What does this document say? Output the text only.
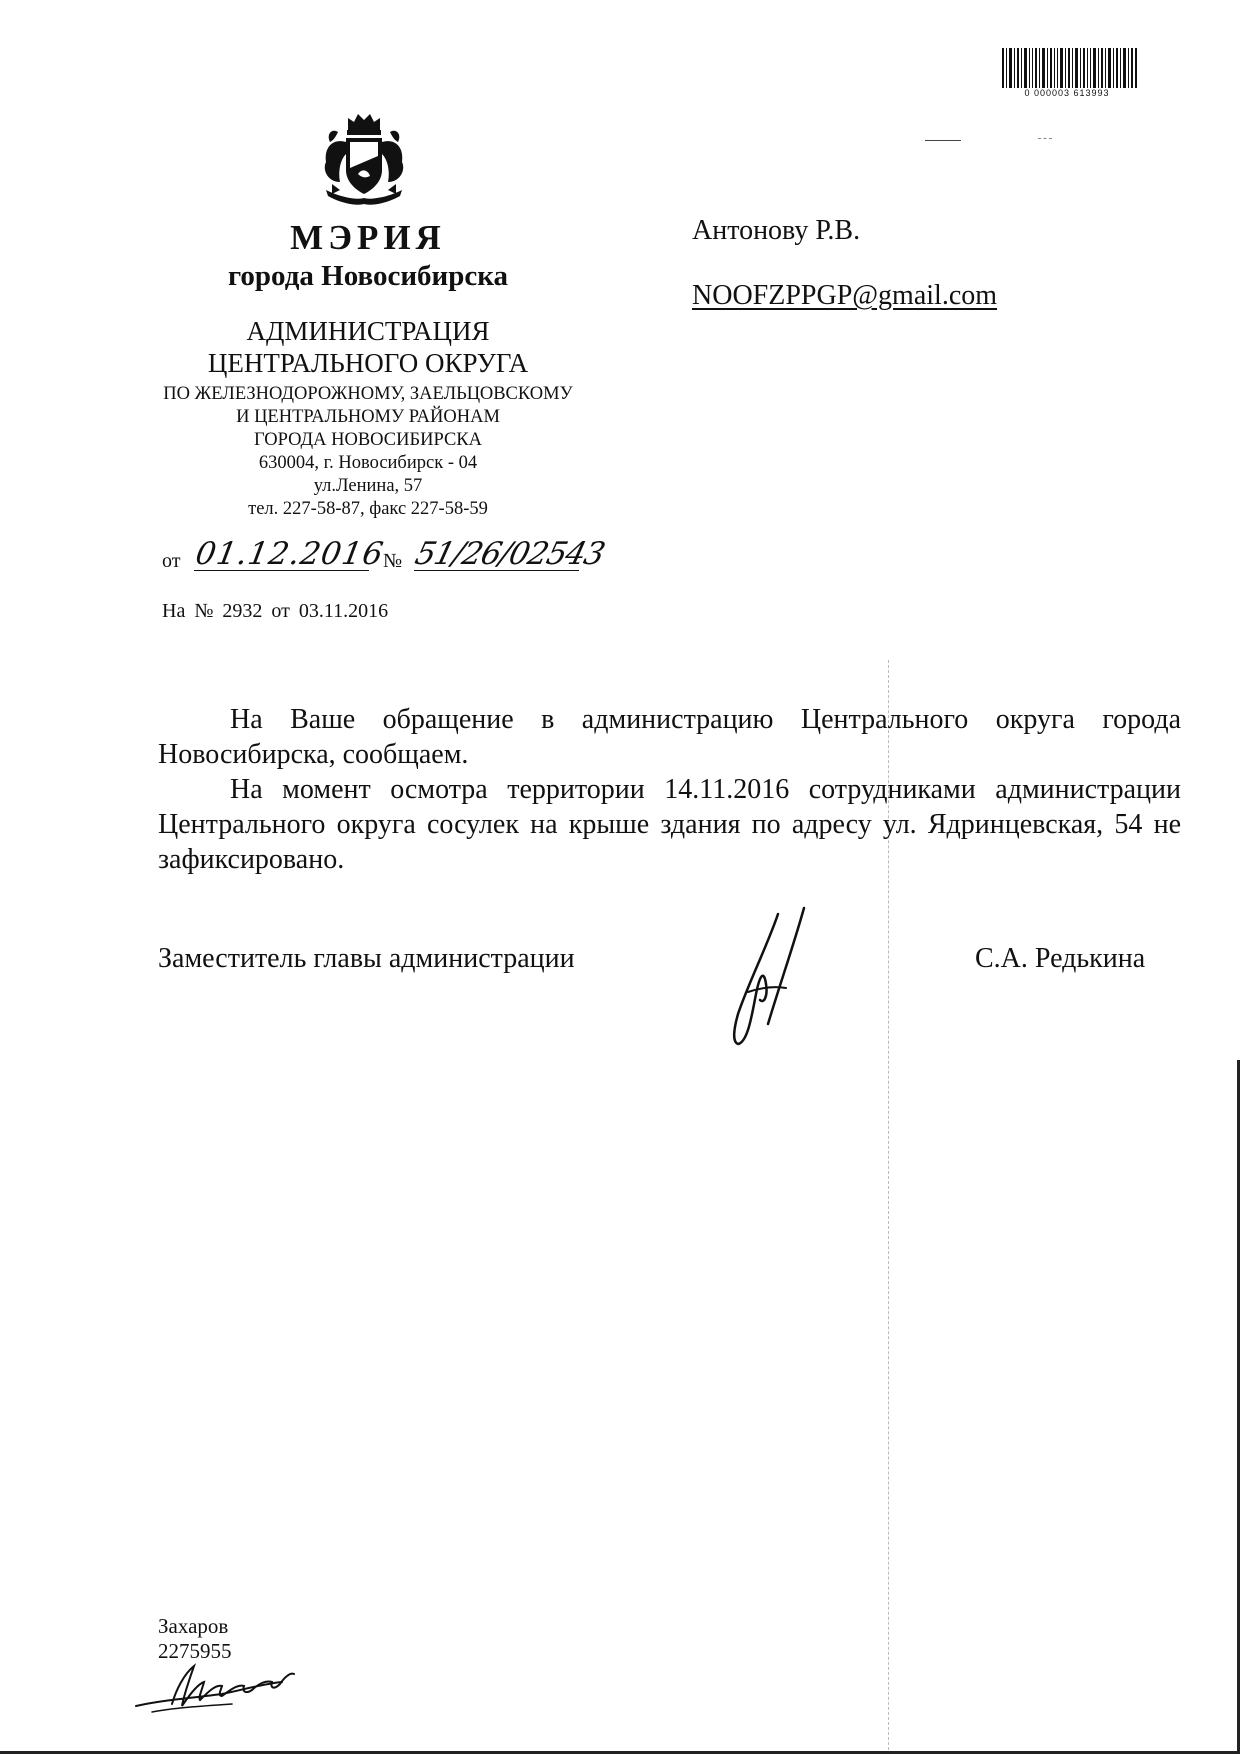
0 000003 613993
МЭРИЯ
города Новосибирска
АДМИНИСТРАЦИЯ
ЦЕНТРАЛЬНОГО ОКРУГА
ПО ЖЕЛЕЗНОДОРОЖНОМУ, ЗАЕЛЬЦОВСКОМУ
И ЦЕНТРАЛЬНОМУ РАЙОНАМ
ГОРОДА НОВОСИБИРСКА
630004, г. Новосибирск - 04
ул.Ленина, 57
тел. 227-58-87, факс 227-58-59
от 01.12.2016
№ 51/26/02543
На № 2932 от 03.11.2016
Антонову Р.В.
NOOFZPPGP@gmail.com

На Ваше обращение в администрацию Центрального округа города Новосибирска, сообщаем.

На момент осмотра территории 14.11.2016 сотрудниками администрации Центрального округа сосулек на крыше здания по адресу ул. Ядринцевская, 54 не зафиксировано.

Заместитель главы администрации	С.А. Редькина
Захаров
2275955
